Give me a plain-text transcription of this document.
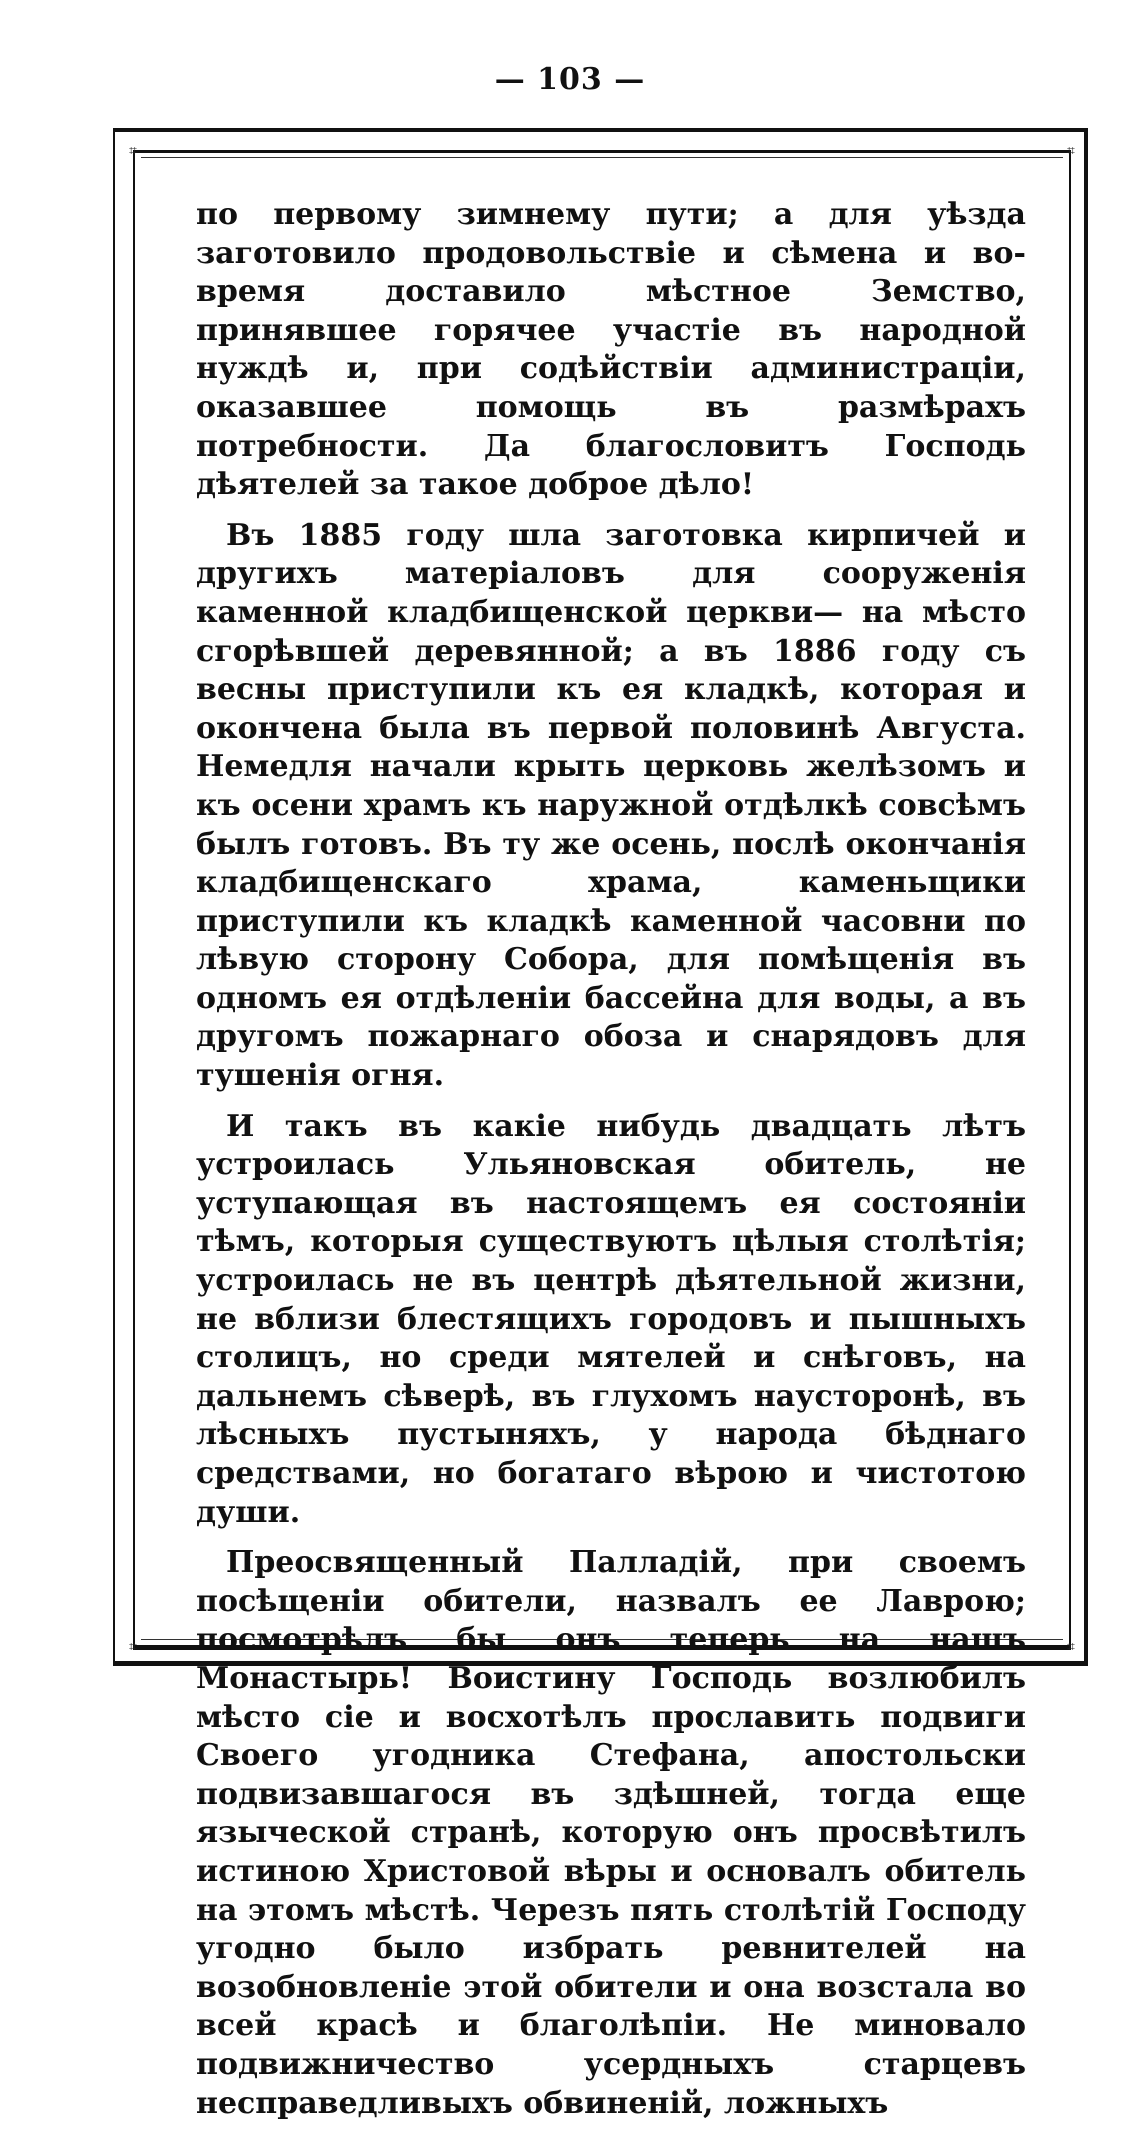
— 103 —
⌗	⌗
⌗	⌗

по первому зимнему пути; а для уѣзда заготовило продовольствіе и сѣмена и во-время доставило мѣстное Земство, принявшее горячее участіе въ народной нуждѣ и, при содѣйствіи администраціи, оказавшее помощь въ размѣрахъ потребности. Да благословитъ Господь дѣятелей за такое доброе дѣло!

Въ 1885 году шла заготовка кирпичей и другихъ матеріаловъ для сооруженія каменной кладбищенской церкви— на мѣсто сгорѣвшей деревянной; а въ 1886 году съ весны приступили къ ея кладкѣ, которая и окончена была въ первой половинѣ Августа. Немедля начали крыть церковь желѣзомъ и къ осени храмъ къ наружной отдѣлкѣ совсѣмъ былъ готовъ. Въ ту же осень, послѣ окончанія кладбищенскаго храма, каменьщики приступили къ кладкѣ каменной часовни по лѣвую сторону Собора, для помѣщенія въ одномъ ея отдѣленіи бассейна для воды, а въ другомъ пожарнаго обоза и снарядовъ для тушенія огня.

И такъ въ какіе нибудь двадцать лѣтъ устроилась Ульяновская обитель, не уступающая въ настоящемъ ея состояніи тѣмъ, которыя существуютъ цѣлыя столѣтія; устроилась не въ центрѣ дѣятельной жизни, не вблизи блестящихъ городовъ и пышныхъ столицъ, но среди мятелей и снѣговъ, на дальнемъ сѣверѣ, въ глухомъ наусторонѣ, въ лѣсныхъ пустыняхъ, у народа бѣднаго средствами, но богатаго вѣрою и чистотою души.

Преосвященный Палладій, при своемъ посѣщеніи обители, назвалъ ее Лаврою; посмотрѣлъ бы онъ теперь на нашъ Монастырь! Воистину Господь возлюбилъ мѣсто сіе и восхотѣлъ прославить подвиги Своего угодника Стефана, апостольски подвизавшагося въ здѣшней, тогда еще языческой странѣ, которую онъ просвѣтилъ истиною Христовой вѣры и основалъ обитель на этомъ мѣстѣ. Черезъ пять столѣтій Господу угодно было избрать ревнителей на возобновленіе этой обители и она возстала во всей красѣ и благолѣпіи. Не миновало подвижничество усердныхъ старцевъ несправедливыхъ обвиненій, ложныхъ
